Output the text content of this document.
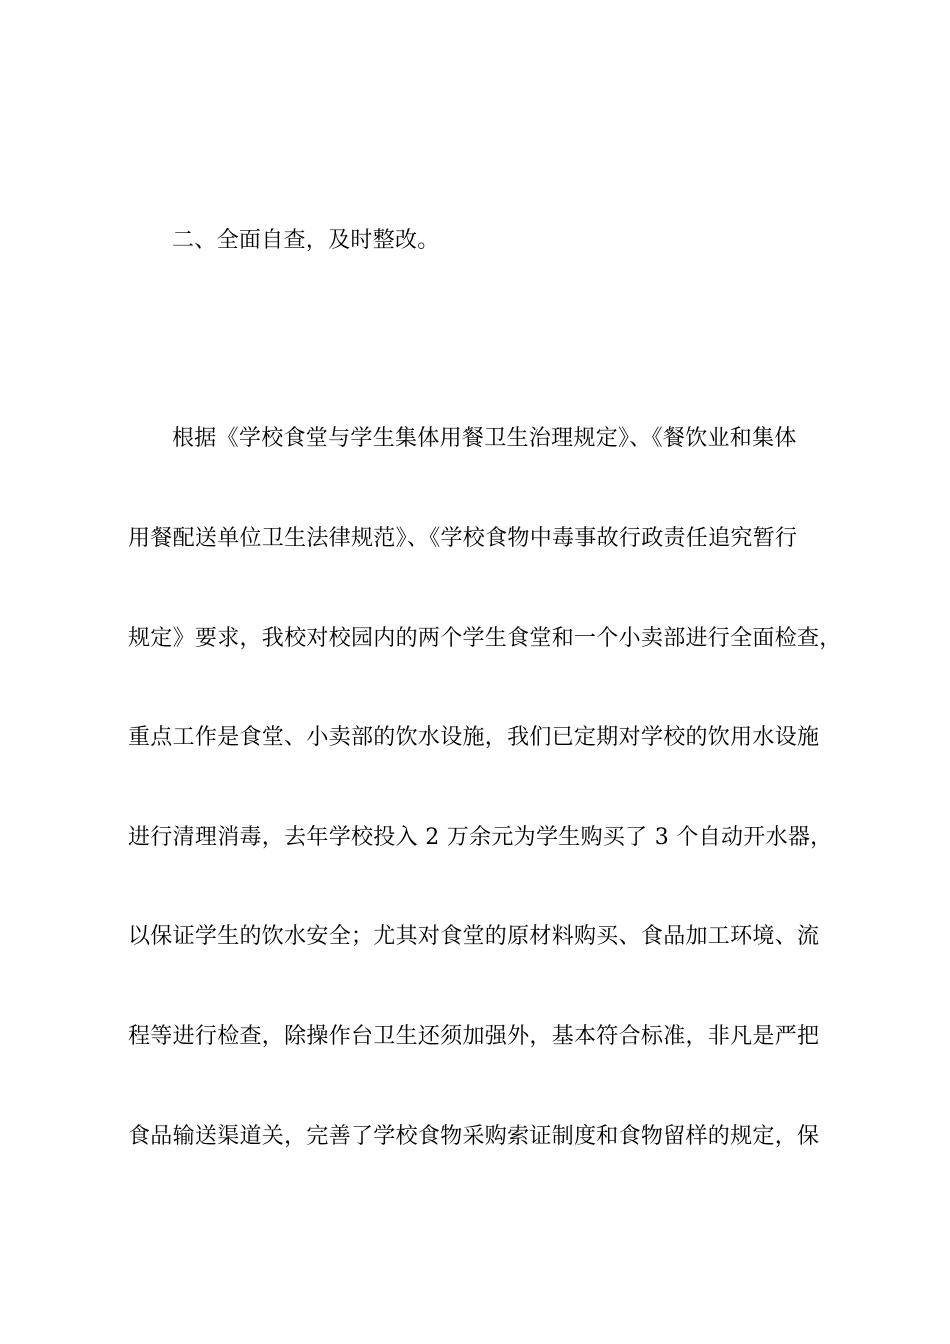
二、全面自查，及时整改。
根据《学校食堂与学生集体用餐卫生治理规定》、《餐饮业和集体
用餐配送单位卫生法律规范》、《学校食物中毒事故行政责任追究暂行
规定》要求，我校对校园内的两个学生食堂和一个小卖部进行全面检查，
重点工作是食堂、小卖部的饮水设施，我们已定期对学校的饮用水设施
进行清理消毒，去年学校投入 2 万余元为学生购买了 3 个自动开水器，
以保证学生的饮水安全；尤其对食堂的原材料购买、食品加工环境、流
程等进行检查，除操作台卫生还须加强外，基本符合标准，非凡是严把
食品输送渠道关，完善了学校食物采购索证制度和食物留样的规定，保
